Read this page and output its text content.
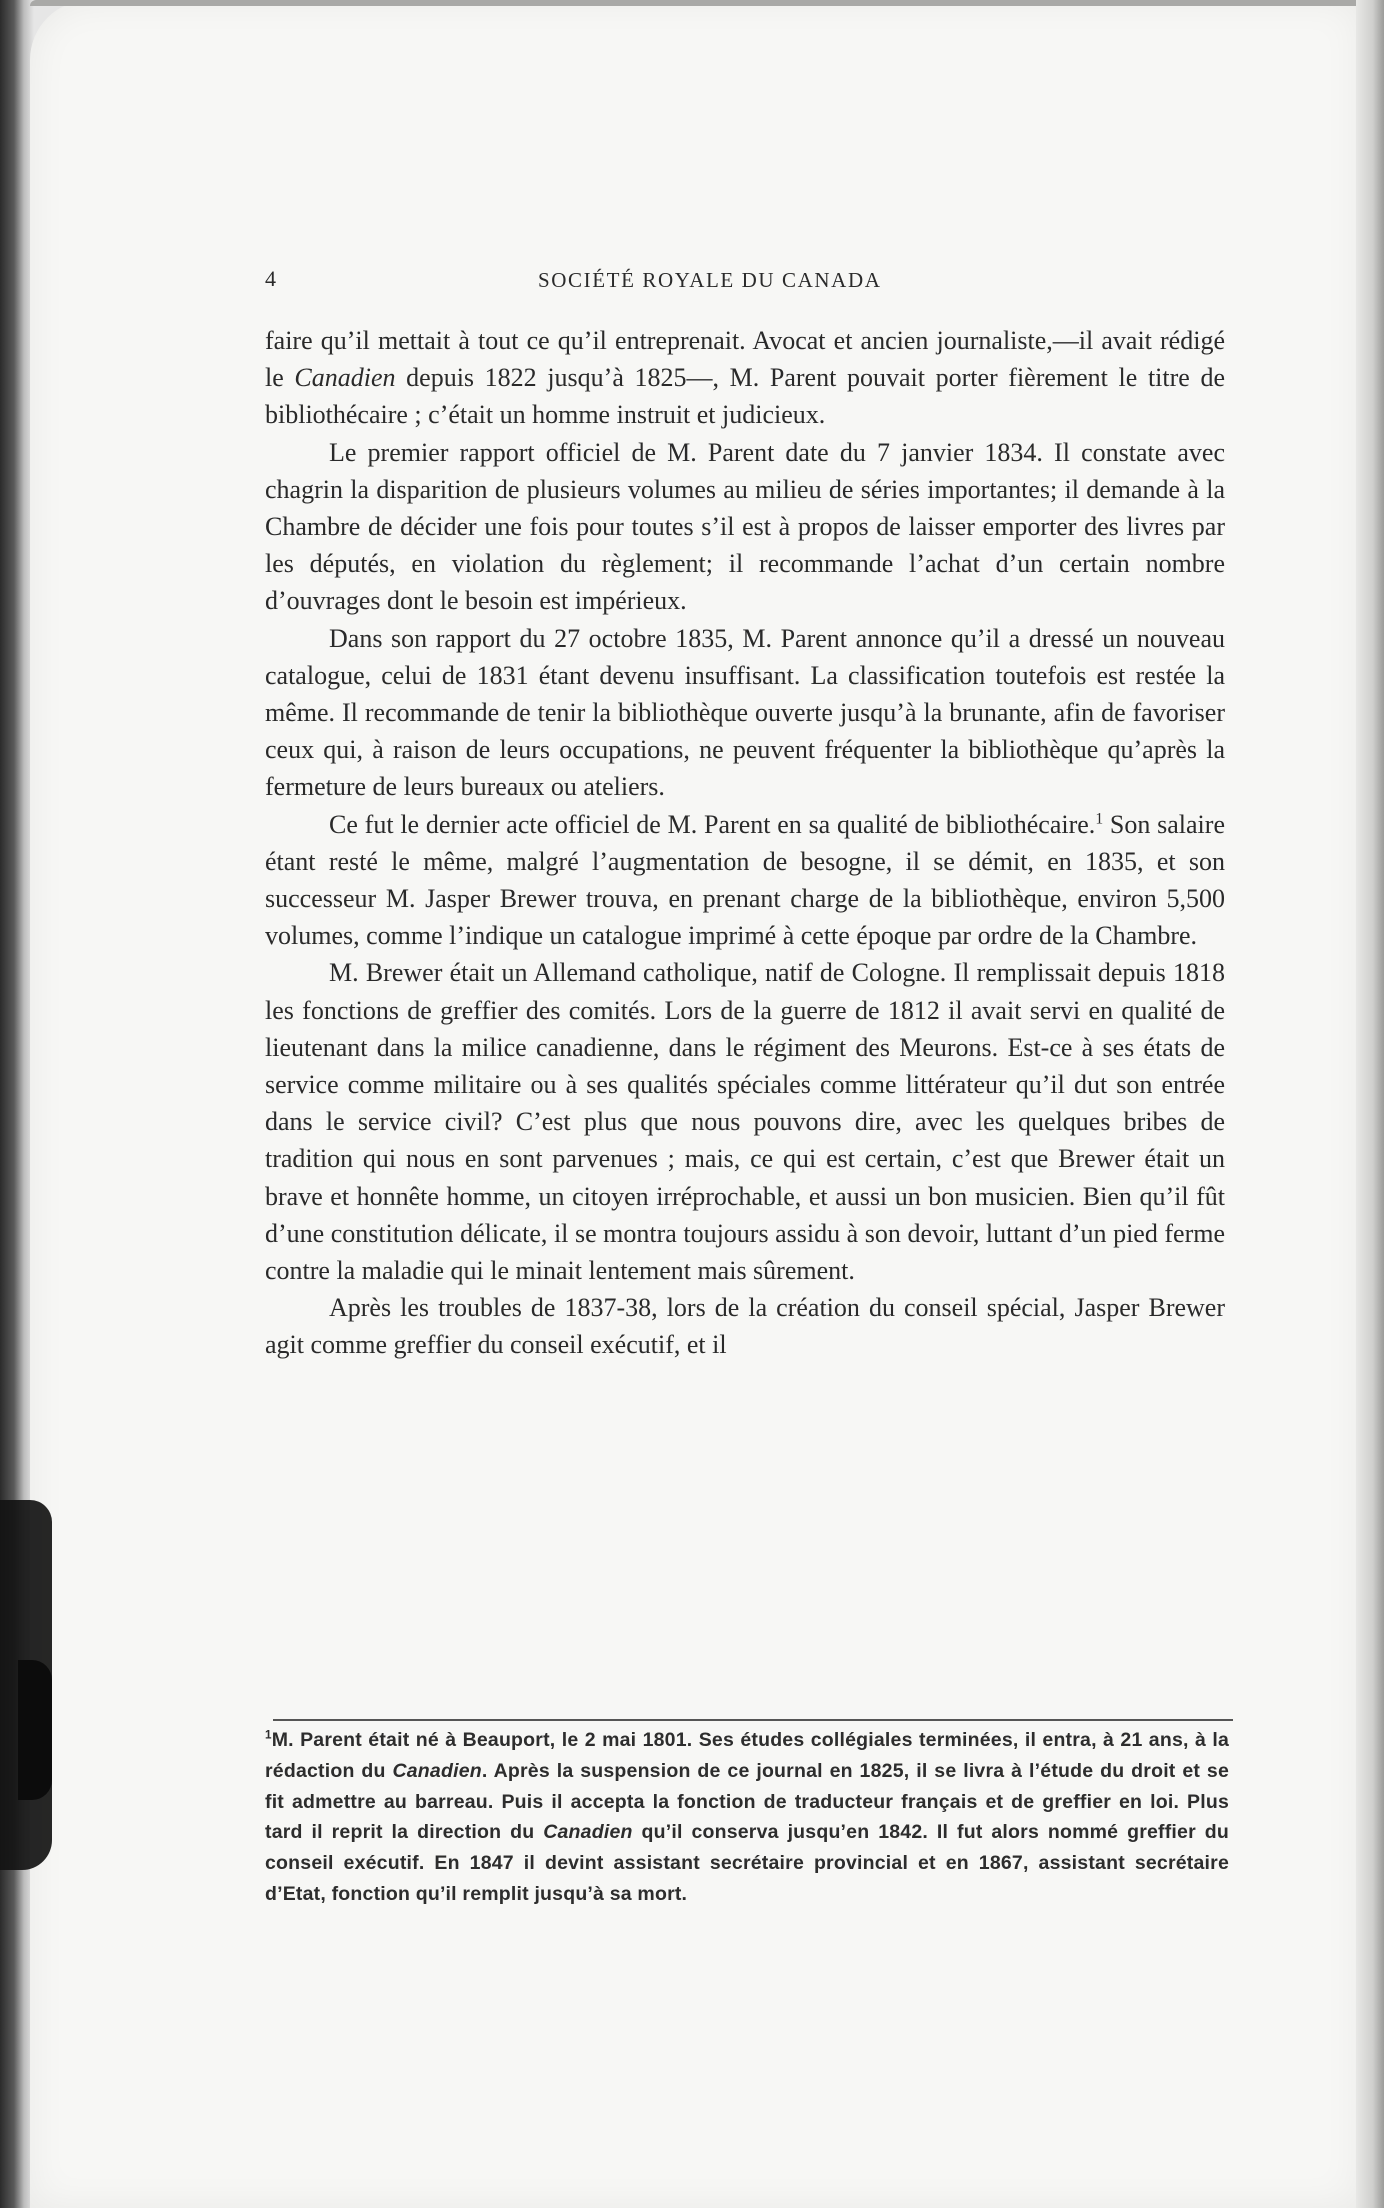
4	SOCIÉTÉ ROYALE DU CANADA

faire qu’il mettait à tout ce qu’il entreprenait. Avocat et ancien journaliste,—il avait rédigé le Canadien depuis 1822 jusqu’à 1825—, M. Parent pouvait porter fièrement le titre de bibliothécaire ; c’était un homme instruit et judicieux.

Le premier rapport officiel de M. Parent date du 7 janvier 1834. Il constate avec chagrin la disparition de plusieurs volumes au milieu de séries importantes; il demande à la Chambre de décider une fois pour toutes s’il est à propos de laisser emporter des livres par les députés, en violation du règlement; il recommande l’achat d’un certain nombre d’ouvrages dont le besoin est impérieux.

Dans son rapport du 27 octobre 1835, M. Parent annonce qu’il a dressé un nouveau catalogue, celui de 1831 étant devenu insuffisant. La classification toutefois est restée la même. Il recommande de tenir la bibliothèque ouverte jusqu’à la brunante, afin de favoriser ceux qui, à raison de leurs occupations, ne peuvent fréquenter la bibliothèque qu’après la fermeture de leurs bureaux ou ateliers.

Ce fut le dernier acte officiel de M. Parent en sa qualité de bibliothécaire.$^1$ Son salaire étant resté le même, malgré l’augmentation de besogne, il se démit, en 1835, et son successeur M. Jasper Brewer trouva, en prenant charge de la bibliothèque, environ 5,500 volumes, comme l’indique un catalogue imprimé à cette époque par ordre de la Chambre.

M. Brewer était un Allemand catholique, natif de Cologne. Il remplissait depuis 1818 les fonctions de greffier des comités. Lors de la guerre de 1812 il avait servi en qualité de lieutenant dans la milice canadienne, dans le régiment des Meurons. Est-ce à ses états de service comme militaire ou à ses qualités spéciales comme littérateur qu’il dut son entrée dans le service civil? C’est plus que nous pouvons dire, avec les quelques bribes de tradition qui nous en sont parvenues ; mais, ce qui est certain, c’est que Brewer était un brave et honnête homme, un citoyen irréprochable, et aussi un bon musicien. Bien qu’il fût d’une constitution délicate, il se montra toujours assidu à son devoir, luttant d’un pied ferme contre la maladie qui le minait lentement mais sûrement.

Après les troubles de 1837-38, lors de la création du conseil spécial, Jasper Brewer agit comme greffier du conseil exécutif, et il

$^1$M. Parent était né à Beauport, le 2 mai 1801. Ses études collégiales terminées, il entra, à 21 ans, à la rédaction du Canadien. Après la suspension de ce journal en 1825, il se livra à l’étude du droit et se fit admettre au barreau. Puis il accepta la fonction de traducteur français et de greffier en loi. Plus tard il reprit la direction du Canadien qu’il conserva jusqu’en 1842. Il fut alors nommé greffier du conseil exécutif. En 1847 il devint assistant secrétaire provincial et en 1867, assistant secrétaire d’Etat, fonction qu’il remplit jusqu’à sa mort.
